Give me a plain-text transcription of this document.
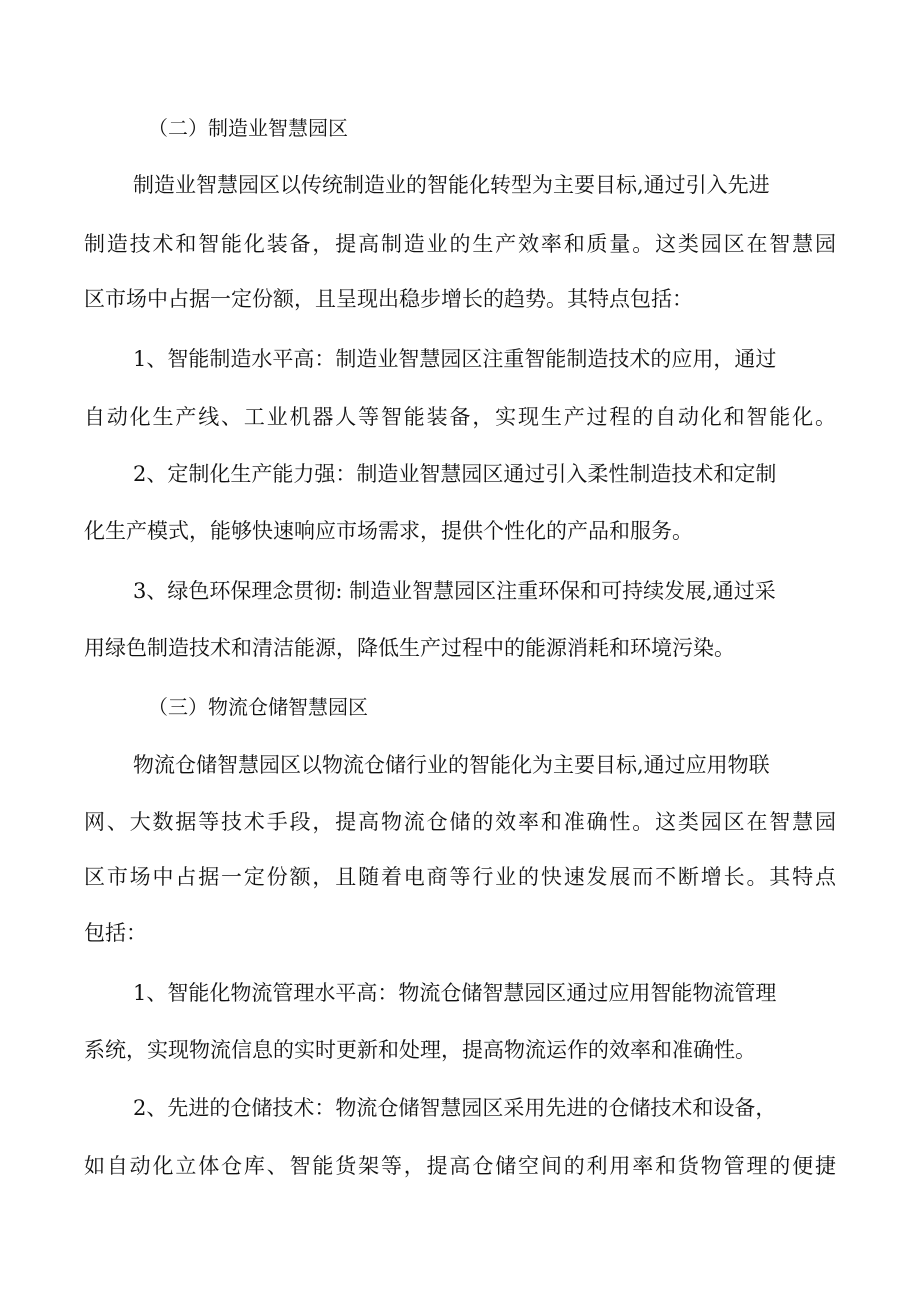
（二）制造业智慧园区
制造业智慧园区以传统制造业的智能化转型为主要目标,通过引入先进
制造技术和智能化装备，提高制造业的生产效率和质量。这类园区在智慧园
区市场中占据一定份额，且呈现出稳步增长的趋势。其特点包括：
1、智能制造水平高：制造业智慧园区注重智能制造技术的应用，通过
自动化生产线、工业机器人等智能装备，实现生产过程的自动化和智能化。
2、定制化生产能力强：制造业智慧园区通过引入柔性制造技术和定制
化生产模式，能够快速响应市场需求，提供个性化的产品和服务。
3、绿色环保理念贯彻: 制造业智慧园区注重环保和可持续发展,通过采
用绿色制造技术和清洁能源，降低生产过程中的能源消耗和环境污染。
（三）物流仓储智慧园区
物流仓储智慧园区以物流仓储行业的智能化为主要目标,通过应用物联
网、大数据等技术手段，提高物流仓储的效率和准确性。这类园区在智慧园
区市场中占据一定份额，且随着电商等行业的快速发展而不断增长。其特点
包括：
1、智能化物流管理水平高：物流仓储智慧园区通过应用智能物流管理
系统，实现物流信息的实时更新和处理，提高物流运作的效率和准确性。
2、先进的仓储技术：物流仓储智慧园区采用先进的仓储技术和设备，
如自动化立体仓库、智能货架等，提高仓储空间的利用率和货物管理的便捷
